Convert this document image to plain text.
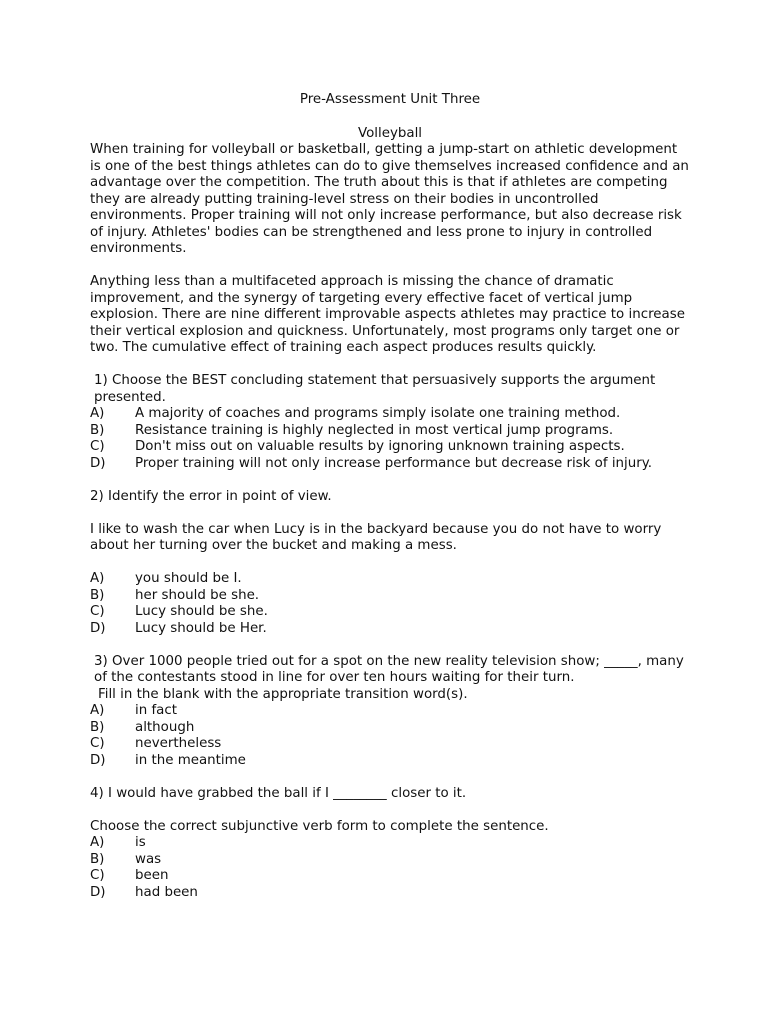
Pre-Assessment Unit Three
Volleyball

When training for volleyball or basketball, getting a jump-start on athletic development is one of the best things athletes can do to give themselves increased confidence and an advantage over the competition. The truth about this is that if athletes are competing they are already putting training-level stress on their bodies in uncontrolled environments. Proper training will not only increase performance, but also decrease risk of injury. Athletes' bodies can be strengthened and less prone to injury in controlled environments.

Anything less than a multifaceted approach is missing the chance of dramatic improvement, and the synergy of targeting every effective facet of vertical jump explosion. There are nine different improvable aspects athletes may practice to increase their vertical explosion and quickness. Unfortunately, most programs only target one or two. The cumulative effect of training each aspect produces results quickly.

1) Choose the BEST concluding statement that persuasively supports the argument presented.

A)	A majority of coaches and programs simply isolate one training method.
B)	Resistance training is highly neglected in most vertical jump programs.
C)	Don't miss out on valuable results by ignoring unknown training aspects.
D)	Proper training will not only increase performance but decrease risk of injury.

2) Identify the error in point of view.

I like to wash the car when Lucy is in the backyard because you do not have to worry about her turning over the bucket and making a mess.

A)	you should be I.
B)	her should be she.
C)	Lucy should be she.
D)	Lucy should be Her.

3) Over 1000 people tried out for a spot on the new reality television show; _____, many of the contestants stood in line for over ten hours waiting for their turn.

Fill in the blank with the appropriate transition word(s).

A)	in fact
B)	although
C)	nevertheless
D)	in the meantime

4) I would have grabbed the ball if I ________ closer to it.

Choose the correct subjunctive verb form to complete the sentence.

A)	is
B)	was
C)	been
D)	had been
